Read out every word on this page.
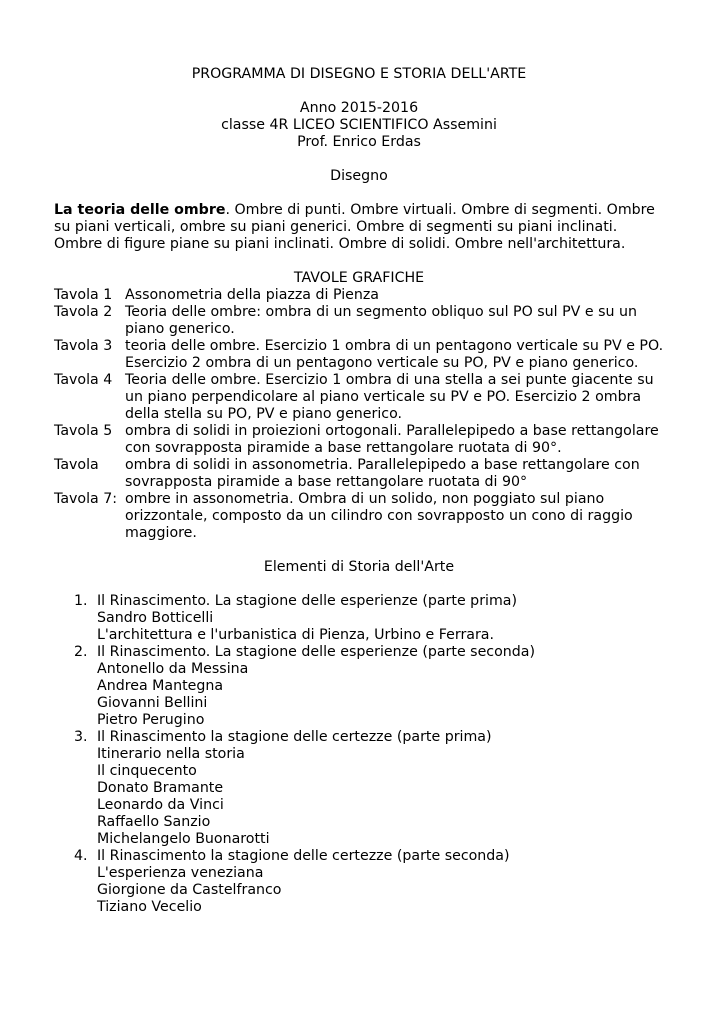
PROGRAMMA DI DISEGNO E STORIA DELL'ARTE
Anno 2015-2016
classe 4R LICEO SCIENTIFICO Assemini
Prof. Enrico Erdas
Disegno

La teoria delle ombre. Ombre di punti. Ombre virtuali. Ombre di segmenti. Ombre su piani verticali, ombre su piani generici. Ombre di segmenti su piani inclinati. Ombre di figure piane su piani inclinati. Ombre di solidi. Ombre nell'architettura.

TAVOLE GRAFICHE
Tavola 1 Assonometria della piazza di Pienza
Tavola 2 Teoria delle ombre: ombra di un segmento obliquo sul PO sul PV e su un piano generico.
Tavola 3 teoria delle ombre. Esercizio 1 ombra di un pentagono verticale su PV e PO. Esercizio 2 ombra di un pentagono verticale su PO, PV e piano generico.
Tavola 4 Teoria delle ombre. Esercizio 1 ombra di una stella a sei punte giacente su un piano perpendicolare al piano verticale su PV e PO. Esercizio 2 ombra della stella su PO, PV e piano generico.
Tavola 5 ombra di solidi in proiezioni ortogonali. Parallelepipedo a base rettangolare con sovrapposta piramide a base rettangolare ruotata di 90°.
Tavola ombra di solidi in assonometria. Parallelepipedo a base rettangolare con sovrapposta piramide a base rettangolare ruotata di 90°
Tavola 7: ombre in assonometria. Ombra di un solido, non poggiato sul piano orizzontale, composto da un cilindro con sovrapposto un cono di raggio maggiore.
Elementi di Storia dell'Arte
1. Il Rinascimento. La stagione delle esperienze (parte prima)
Sandro Botticelli
L'architettura e l'urbanistica di Pienza, Urbino e Ferrara.
2. Il Rinascimento. La stagione delle esperienze (parte seconda)
Antonello da Messina
Andrea Mantegna
Giovanni Bellini
Pietro Perugino
3. Il Rinascimento la stagione delle certezze (parte prima)
Itinerario nella storia
Il cinquecento
Donato Bramante
Leonardo da Vinci
Raffaello Sanzio
Michelangelo Buonarotti
4. Il Rinascimento la stagione delle certezze (parte seconda)
L'esperienza veneziana
Giorgione da Castelfranco
Tiziano Vecelio
